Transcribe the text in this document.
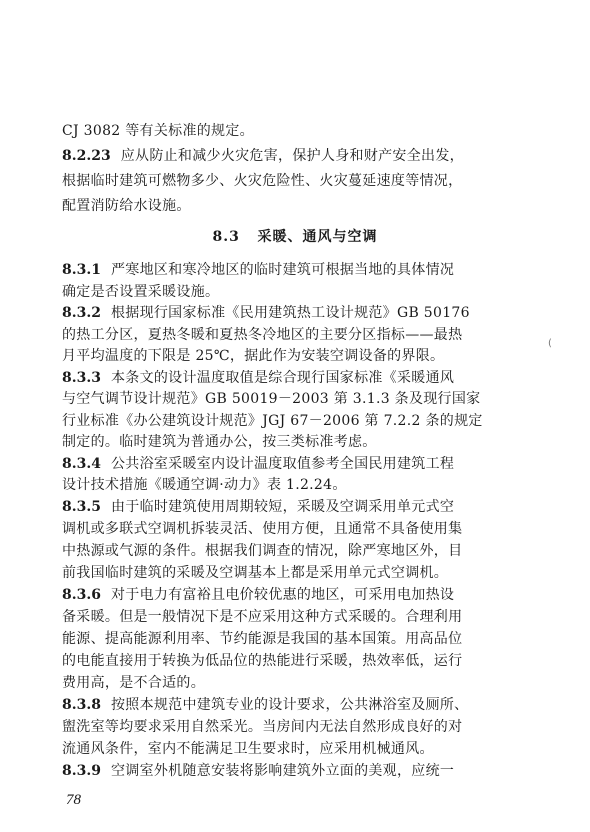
CJ 3082 等有关标准的规定。
8.2.23 应从防止和减少火灾危害，保护人身和财产安全出发，
根据临时建筑可燃物多少、火灾危险性、火灾蔓延速度等情况，
配置消防给水设施。
8.3 采暖、通风与空调
8.3.1 严寒地区和寒冷地区的临时建筑可根据当地的具体情况
确定是否设置采暖设施。
8.3.2 根据现行国家标准《民用建筑热工设计规范》GB 50176
的热工分区，夏热冬暖和夏热冬冷地区的主要分区指标——最热
月平均温度的下限是 25℃，据此作为安装空调设备的界限。
8.3.3 本条文的设计温度取值是综合现行国家标准《采暖通风
与空气调节设计规范》GB 50019－2003 第 3.1.3 条及现行国家
行业标准《办公建筑设计规范》JGJ 67－2006 第 7.2.2 条的规定
制定的。临时建筑为普通办公，按三类标准考虑。
8.3.4 公共浴室采暖室内设计温度取值参考全国民用建筑工程
设计技术措施《暖通空调·动力》表 1.2.24。
8.3.5 由于临时建筑使用周期较短，采暖及空调采用单元式空
调机或多联式空调机拆装灵活、使用方便，且通常不具备使用集
中热源或气源的条件。根据我们调查的情况，除严寒地区外，目
前我国临时建筑的采暖及空调基本上都是采用单元式空调机。
8.3.6 对于电力有富裕且电价较优惠的地区，可采用电加热设
备采暖。但是一般情况下是不应采用这种方式采暖的。合理利用
能源、提高能源利用率、节约能源是我国的基本国策。用高品位
的电能直接用于转换为低品位的热能进行采暖，热效率低，运行
费用高，是不合适的。
8.3.8 按照本规范中建筑专业的设计要求，公共淋浴室及厕所、
盥洗室等均要求采用自然采光。当房间内无法自然形成良好的对
流通风条件，室内不能满足卫生要求时，应采用机械通风。
8.3.9 空调室外机随意安装将影响建筑外立面的美观，应统一
78
(
